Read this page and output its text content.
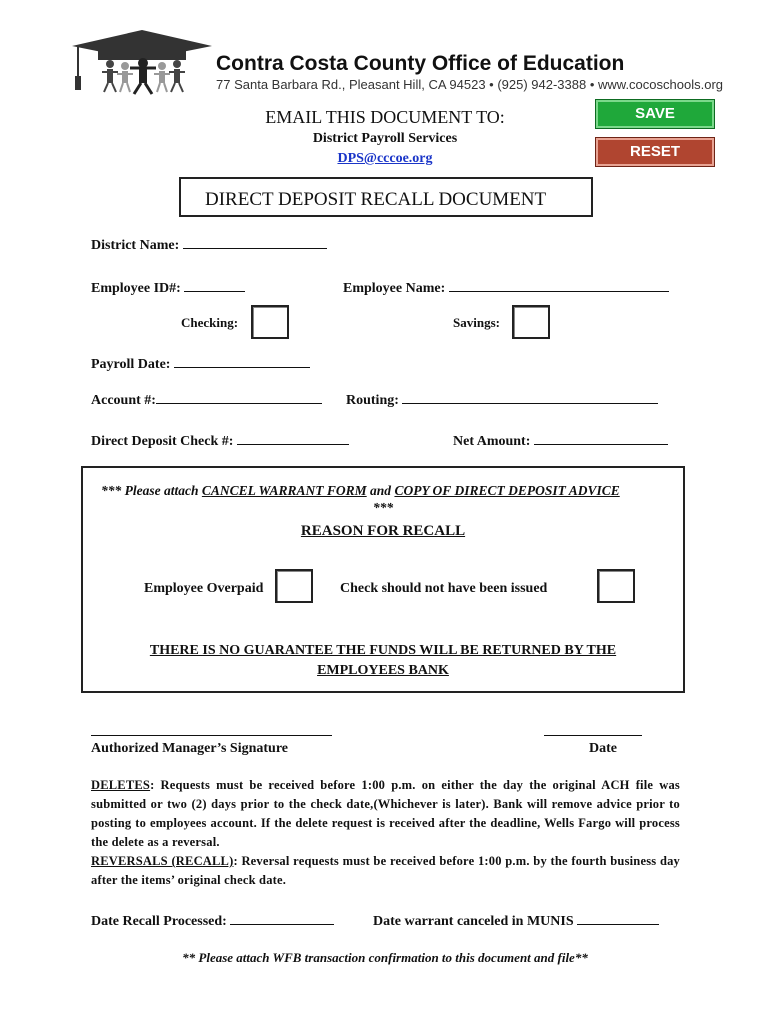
Contra Costa County Office of Education
77 Santa Barbara Rd., Pleasant Hill, CA 94523 • (925) 942-3388 • www.cocoschools.org
EMAIL THIS DOCUMENT TO:
District Payroll Services
DPS@cccoe.org
SAVE
RESET
DIRECT DEPOSIT RECALL DOCUMENT
District Name:
Employee ID#:	Employee Name:
Checking:	Savings:
Payroll Date:
Account #:	Routing:
Direct Deposit Check #:	Net Amount:
*** Please attach CANCEL WARRANT FORM and COPY OF DIRECT DEPOSIT ADVICE
***
REASON FOR RECALL
Employee Overpaid	Check should not have been issued
THERE IS NO GUARANTEE THE FUNDS WILL BE RETURNED BY THE
EMPLOYEES BANK
Authorized Manager’s Signature	Date
DELETES: Requests must be received before 1:00 p.m. on either the day the original ACH file was submitted or two (2) days prior to the check date,(Whichever is later). Bank will remove advice prior to posting to employees account. If the delete request is received after the deadline, Wells Fargo will process the delete as a reversal.
REVERSALS (RECALL): Reversal requests must be received before 1:00 p.m. by the fourth business day after the items’ original check date.
Date Recall Processed:	Date warrant canceled in MUNIS
** Please attach WFB transaction confirmation to this document and file**
